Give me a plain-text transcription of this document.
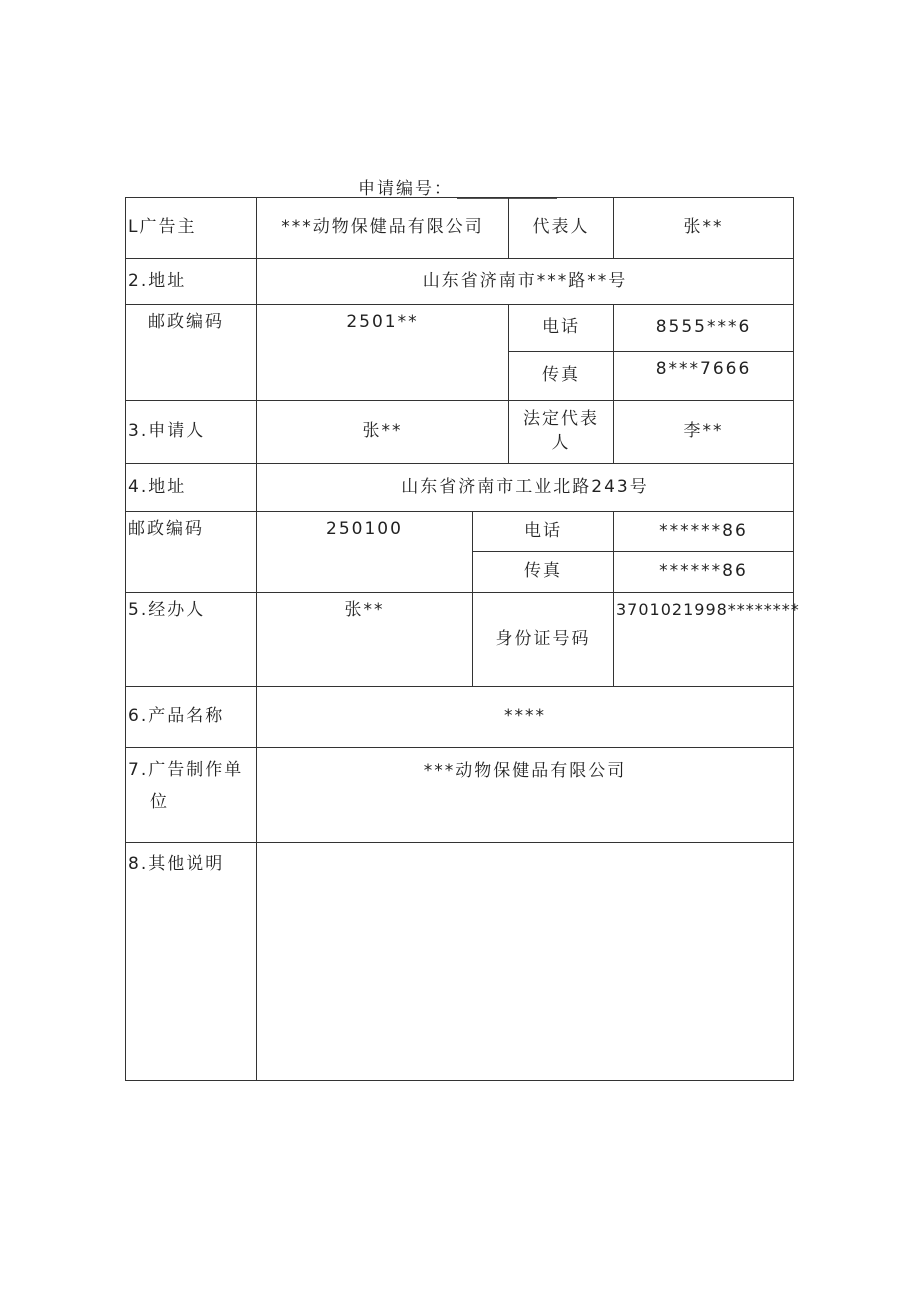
申请编号：
L广告主	***动物保健品有限公司		代表人	张**
2.地址	山东省济南市***路**号			
邮政编码	2501**		电话	8555***6
			传真	8***7666
3.申请人	张**		法定代表
人	李**
4.地址	山东省济南市工业北路243号			
邮政编码	250100	电话		******86
		传真		******86
5.经办人	张**	身份证号码		3701021998********
6.产品名称	****			

7.广告制作单
位	***动物保健品有限公司			
8.其他说明				
